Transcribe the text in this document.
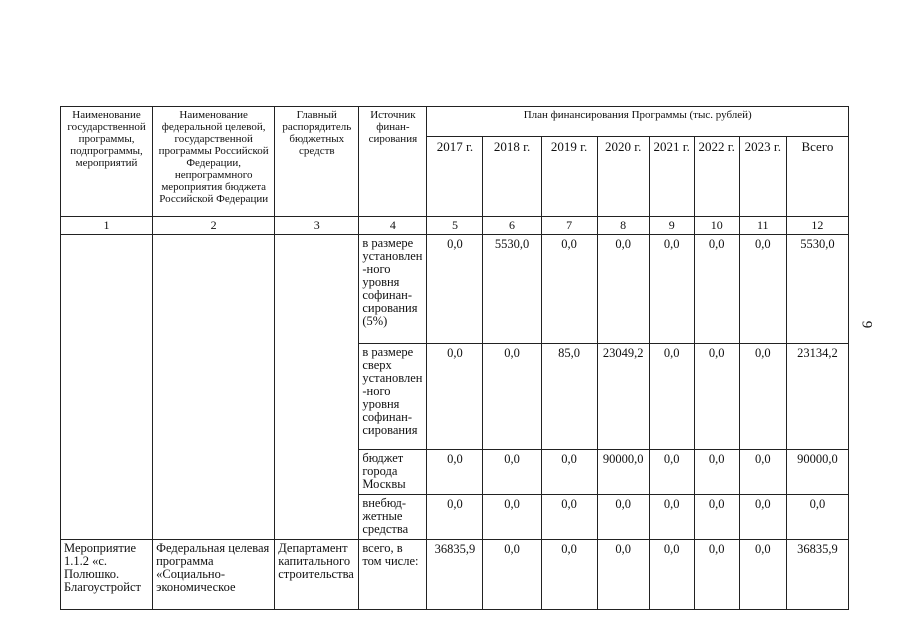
9
Наименование государственной программы, подпрограммы, мероприятий	Наименование федеральной целевой, государственной программы Российской Федерации, непрограммного мероприятия бюджета Российской Федерации	Главный распорядитель бюджетных средств	Источник финан-сирования	План финансирования Программы (тыс. рублей)							
				2017 г.	2018 г.	2019 г.	2020 г.	2021 г.	2022 г.	2023 г.	Всего
1	2	3	4	5	6	7	8	9	10	11	12
			в размере установлен -ного уровня софинан-сирования (5%)	0,0	5530,0	0,0	0,0	0,0	0,0	0,0	5530,0
			в размере сверх установлен -ного уровня софинан-сирования	0,0	0,0	85,0	23049,2	0,0	0,0	0,0	23134,2
			бюджет города Москвы	0,0	0,0	0,0	90000,0	0,0	0,0	0,0	90000,0
			внебюд-жетные средства	0,0	0,0	0,0	0,0	0,0	0,0	0,0	0,0
Мероприятие 1.1.2 «с. Полюшко. Благоустройст	Федеральная целевая программа «Социально-экономическое	Департамент капитального строительства	всего, в том числе:	36835,9	0,0	0,0	0,0	0,0	0,0	0,0	36835,9
